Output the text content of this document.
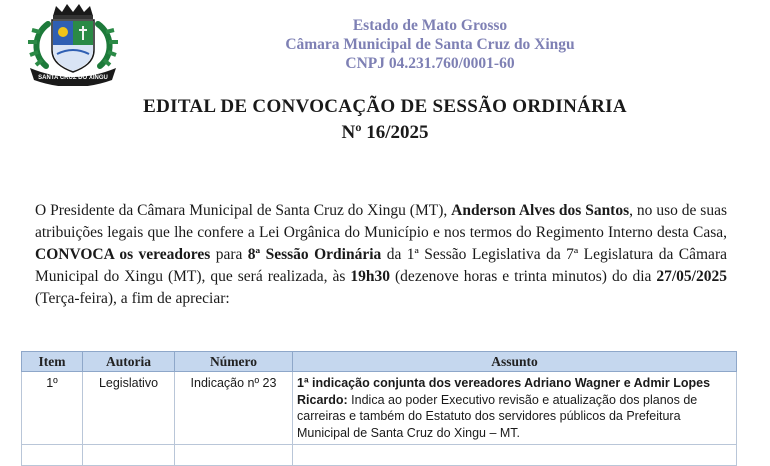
SANTA CRUZ DO XINGU
Estado de Mato Grosso
Câmara Municipal de Santa Cruz do Xingu
CNPJ 04.231.760/0001-60
EDITAL DE CONVOCAÇÃO DE SESSÃO ORDINÁRIA
Nº 16/2025
O Presidente da Câmara Municipal de Santa Cruz do Xingu (MT), Anderson Alves dos Santos, no uso de suas atribuições legais que lhe confere a Lei Orgânica do Município e nos termos do Regimento Interno desta Casa, CONVOCA os vereadores para 8ª Sessão Ordinária da 1ª Sessão Legislativa da 7ª Legislatura da Câmara Municipal do Xingu (MT), que será realizada, às 19h30 (dezenove horas e trinta minutos) do dia 27/05/2025 (Terça-feira), a fim de apreciar:
Item	Autoria	Número	Assunto
1º	Legislativo	Indicação nº 23	1ª indicação conjunta dos vereadores Adriano Wagner e Admir Lopes Ricardo: Indica ao poder Executivo revisão e atualização dos planos de carreiras e também do Estatuto dos servidores públicos da Prefeitura Municipal de Santa Cruz do Xingu – MT.
